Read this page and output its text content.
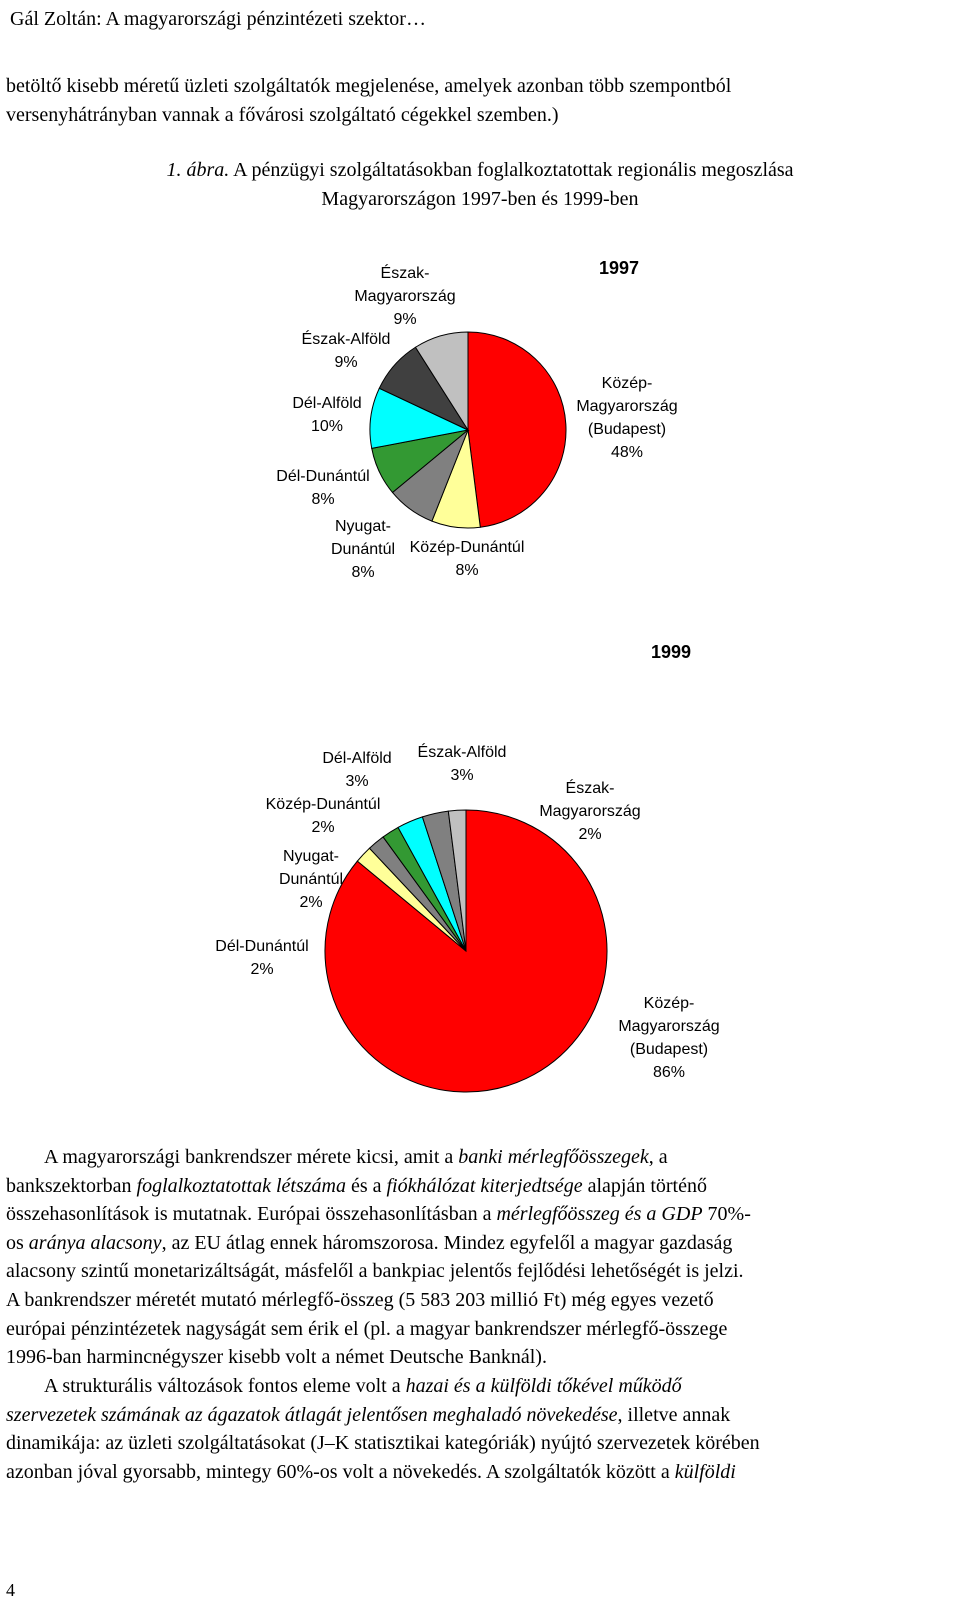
Gál Zoltán: A magyarországi pénzintézeti szektor…
betöltő kisebb méretű üzleti szolgáltatók megjelenése, amelyek azonban több szempontból
versenyhátrányban vannak a fővárosi szolgáltató cégekkel szemben.)
1. ábra. A pénzügyi szolgáltatásokban foglalkoztatottak regionális megoszlása
Magyarországon 1997-ben és 1999-ben
1997
Közép-
Magyarország
(Budapest)
48%
Közép-Dunántúl
8%
Nyugat-
Dunántúl
8%
Dél-Dunántúl
8%
Dél-Alföld
10%
Észak-Alföld
9%
Észak-
Magyarország
9%
1999
Közép-
Magyarország
(Budapest)
86%
Közép-Dunántúl
2%
Nyugat-
Dunántúl
2%
Dél-Dunántúl
2%
Dél-Alföld
3%
Észak-Alföld
3%
Észak-
Magyarország
2%
A magyarországi bankrendszer mérete kicsi, amit a banki mérlegfőösszegek, a
bankszektorban foglalkoztatottak létszáma és a fiókhálózat kiterjedtsége alapján történő
összehasonlítások is mutatnak. Európai összehasonlításban a mérlegfőösszeg és a GDP 70%-
os aránya alacsony, az EU átlag ennek háromszorosa. Mindez egyfelől a magyar gazdaság
alacsony szintű monetarizáltságát, másfelől a bankpiac jelentős fejlődési lehetőségét is jelzi.
A bankrendszer méretét mutató mérlegfő-összeg (5 583 203 millió Ft) még egyes vezető
európai pénzintézetek nagyságát sem érik el (pl. a magyar bankrendszer mérlegfő-összege
1996-ban harmincnégyszer kisebb volt a német Deutsche Banknál).
A strukturális változások fontos eleme volt a hazai és a külföldi tőkével működő
szervezetek számának az ágazatok átlagát jelentősen meghaladó növekedése, illetve annak
dinamikája: az üzleti szolgáltatásokat (J–K statisztikai kategóriák) nyújtó szervezetek körében
azonban jóval gyorsabb, mintegy 60%-os volt a növekedés. A szolgáltatók között a külföldi
4
